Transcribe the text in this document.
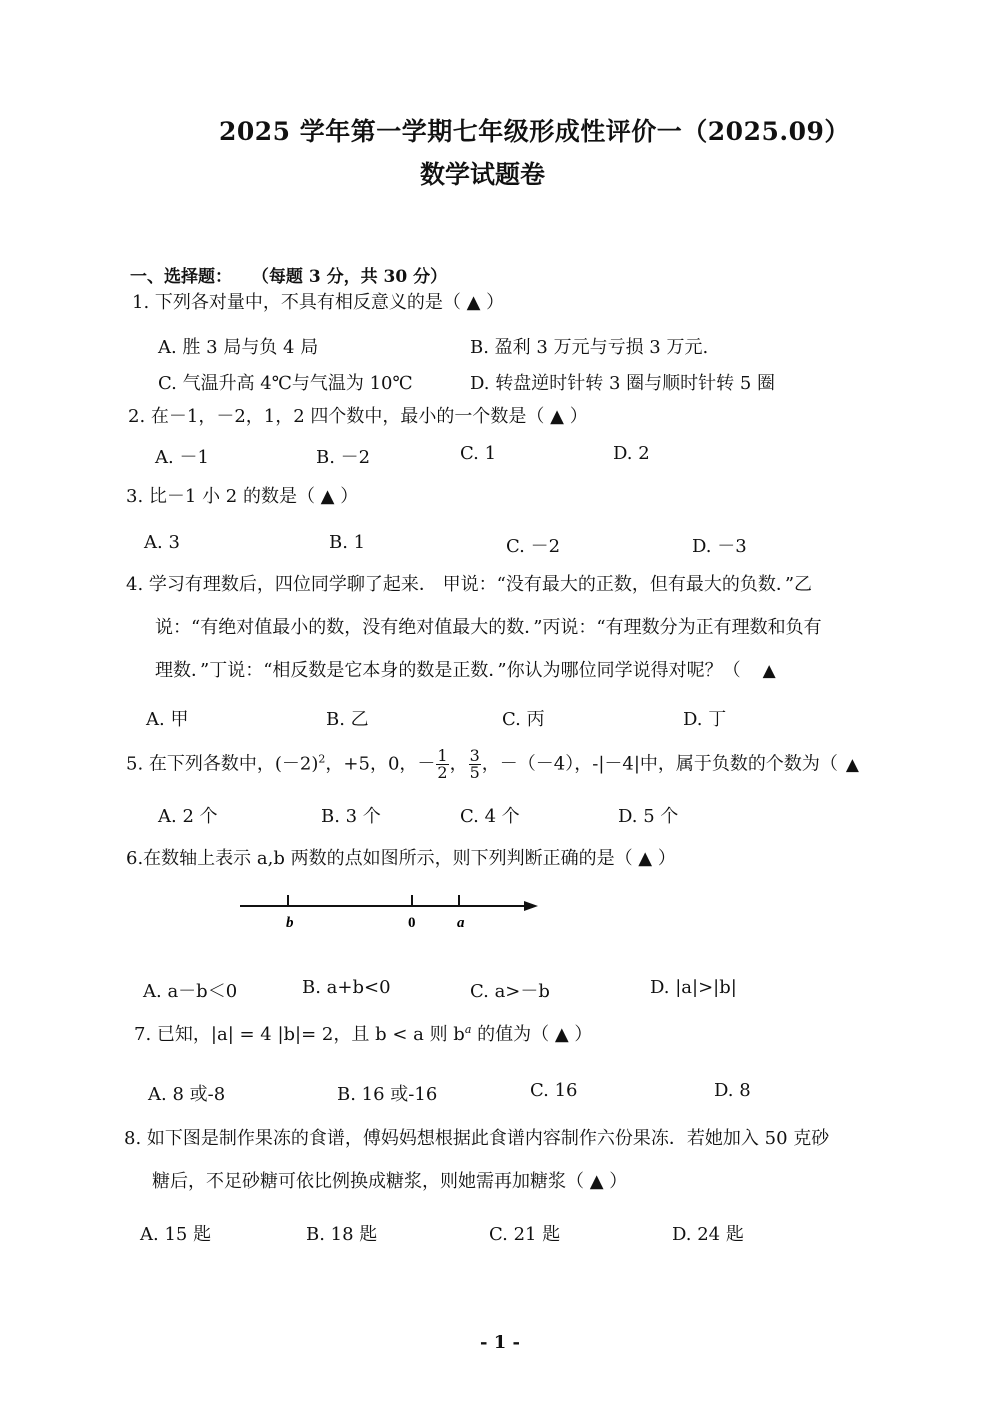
2025 学年第一学期七年级形成性评价一（2025.09）
数学试题卷
一、选择题： （每题 3 分，共 30 分）
1. 下列各对量中，不具有相反意义的是（ ▲ ）
A. 胜 3 局与负 4 局	B. 盈利 3 万元与亏损 3 万元.
C. 气温升高 4℃与气温为 10℃	D. 转盘逆时针转 3 圈与顺时针转 5 圈
2. 在－1，－2，1，2 四个数中，最小的一个数是（ ▲ ）
A. －1	B. －2	C. 1	D. 2
3. 比－1 小 2 的数是（ ▲ ）
A. 3	B. 1	C. －2	D. －3
4. 学习有理数后，四位同学聊了起来． 甲说：“没有最大的正数，但有最大的负数．”乙
说：“有绝对值最小的数，没有绝对值最大的数．”丙说：“有理数分为正有理数和负有
理数．”丁说：“相反数是它本身的数是正数．”你认为哪位同学说得对呢？（ ▲
A. 甲	B. 乙	C. 丙	D. 丁
5. 在下列各数中，$(-2)^2$，+5，0，－ $\frac{1}{2}$ ， $\frac{3}{5}$ ，－（－4），-|－4|中，属于负数的个数为（ ▲
A. 2 个	B. 3 个	C. 4 个	D. 5 个
6.在数轴上表示 a,b 两数的点如图所示，则下列判断正确的是（ ▲ ）
b	0	a
A. a－b＜0	B. a+b<0	C. a>－b	D. |a|>|b|
7. 已知，|a| = 4 |b|= 2，且 b < a 则 $b^a$ 的值为（ ▲ ）
A. 8 或-8	B. 16 或-16	C. 16	D. 8
8. 如下图是制作果冻的食谱，傅妈妈想根据此食谱内容制作六份果冻．若她加入 50 克砂
糖后，不足砂糖可依比例换成糖浆，则她需再加糖浆（ ▲ ）
A. 15 匙	B. 18 匙	C. 21 匙	D. 24 匙
- 1 -
